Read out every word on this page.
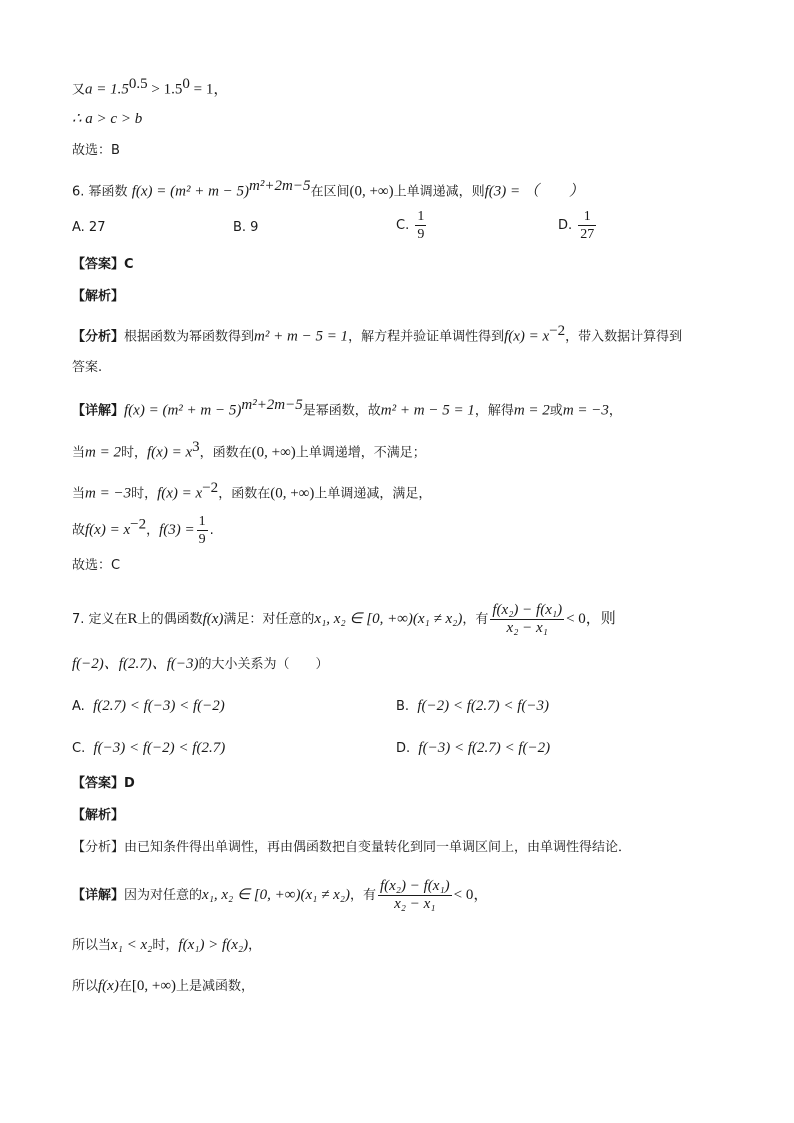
又$a = 1.5^{0.5} > 1.5^0 = 1$，
∴ a > c > b
故选：B
6. 幂函数 $f(x) = (m^2 + m - 5)^{m^2+2m-5}$在区间(0, +∞)上单调递减，则f(3) = （　　）
A. 27	B. 9	C. $\frac{1}{9}$	D. $\frac{1}{27}$
【答案】C
【解析】
【分析】根据函数为幂函数得到m² + m − 5 = 1，解方程并验证单调性得到$f(x) = x^{-2}$，带入数据计算得到
答案.
【详解】$f(x) = (m^2 + m - 5)^{m^2+2m-5}$是幂函数，故m² + m − 5 = 1，解得m = 2或m = −3，
当m = 2时，$f(x) = x^3$，函数在(0, +∞)上单调递增，不满足；
当m = −3时，$f(x) = x^{-2}$，函数在(0, +∞)上单调递减，满足，
故$f(x) = x^{-2}$，$f(3) = \frac{1}{9}$ .
故选：C
7. 定义在R上的偶函数f(x)满足：对任意的x₁, x₂ ∈ [0, +∞)(x₁ ≠ x₂)，有 $\frac{\text{f(x₂) − f(x₁)}}{\text{x₂ − x₁}} < 0$，则
f(−2)、f(2.7)、f(−3)的大小关系为（　　）
A. f(2.7) < f(−3) < f(−2)	B. f(−2) < f(2.7) < f(−3)
C. f(−3) < f(−2) < f(2.7)	D. f(−3) < f(2.7) < f(−2)
【答案】D
【解析】
【分析】由已知条件得出单调性，再由偶函数把自变量转化到同一单调区间上，由单调性得结论．
【详解】因为对任意的x₁, x₂ ∈ [0, +∞)(x₁ ≠ x₂)，有 $\frac{\text{f(x₂) − f(x₁)}}{\text{x₂ − x₁}} < 0$，
所以当x₁ < x₂时，f(x₁) > f(x₂)，
所以f(x)在[0, +∞)上是减函数，
